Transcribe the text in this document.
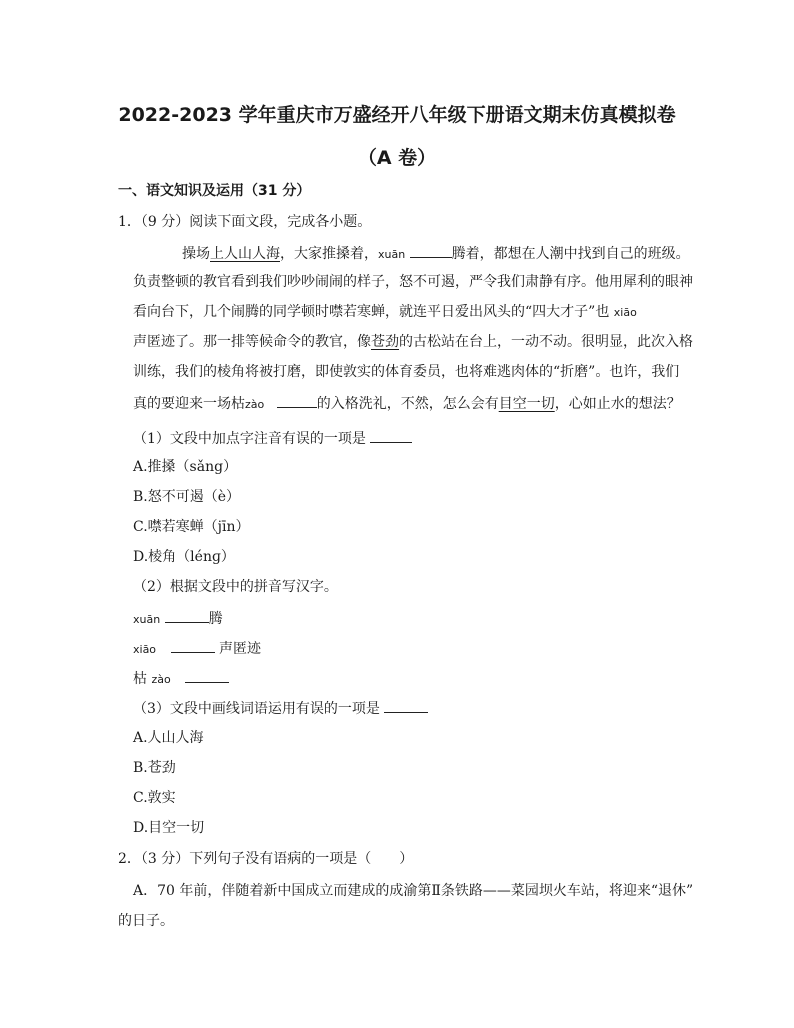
2022-2023 学年重庆市万盛经开八年级下册语文期末仿真模拟卷
（A 卷）
一、语文知识及运用（31 分）
1．（9 分）阅读下面文段，完成各小题。
操场上人山人海，大家推搡着，xuān	腾着，都想在人潮中找到自己的班级。
负责整顿的教官看到我们吵吵闹闹的样子，怒不可遏，严令我们肃静有序。他用犀利的眼神
看向台下，几个闹腾的同学顿时噤若寒蝉，就连平日爱出风头的“四大才子”也 xiāo
声匿迹了。那一排等候命令的教官，像苍劲的古松站在台上，一动不动。很明显，此次入格
训练，我们的棱角将被打磨，即使敦实的体育委员，也将难逃肉体的“折磨”。也许，我们
真的要迎来一场枯zào	的入格洗礼，不然，怎么会有目空一切，心如止水的想法？
（1）文段中加点字注音有误的一项是
A.推搡（sǎng）
B.怒不可遏（è）
C.噤若寒蝉（jīn）
D.棱角（lénɡ）
（2）根据文段中的拼音写汉字。
xuān	腾
xiāo	声匿迹
枯 zào
（3）文段中画线词语运用有误的一项是
A.人山人海
B.苍劲
C.敦实
D.目空一切
2．（3 分）下列句子没有语病的一项是（　　）
A．70 年前，伴随着新中国成立而建成的成渝第Ⅱ条铁路——菜园坝火车站，将迎来“退休”
的日子。
